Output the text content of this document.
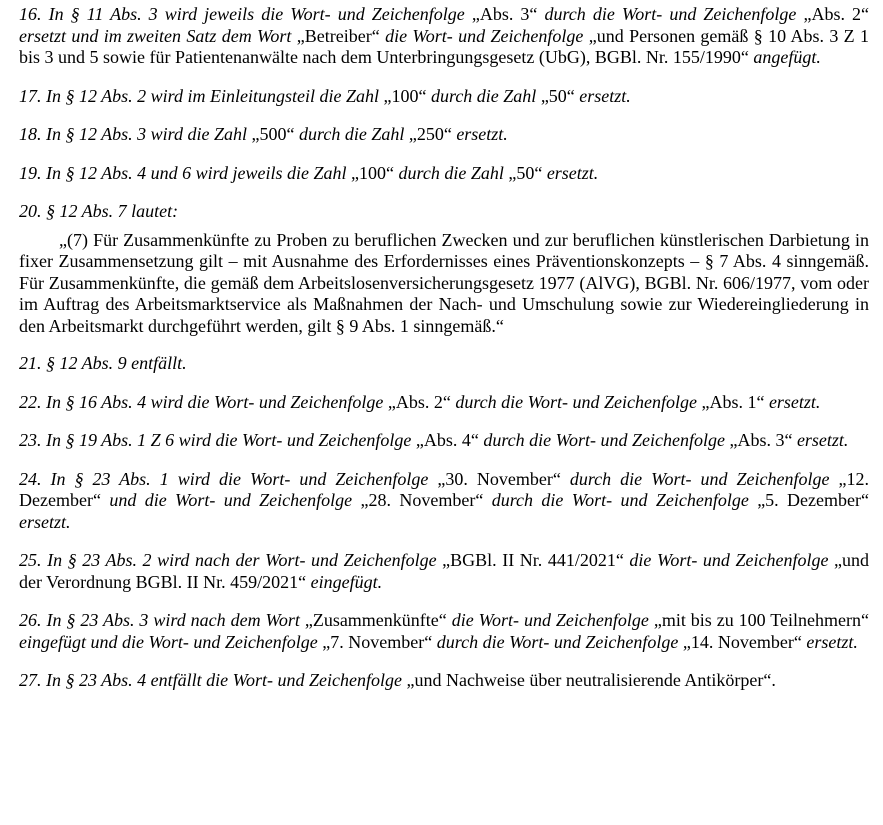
16. In § 11 Abs. 3 wird jeweils die Wort- und Zeichenfolge „Abs. 3“ durch die Wort- und Zeichenfolge „Abs. 2“ ersetzt und im zweiten Satz dem Wort „Betreiber“ die Wort- und Zeichenfolge „und Personen gemäß § 10 Abs. 3 Z 1 bis 3 und 5 sowie für Patientenanwälte nach dem Unterbringungsgesetz (UbG), BGBl. Nr. 155/1990“ angefügt.

17. In § 12 Abs. 2 wird im Einleitungsteil die Zahl „100“ durch die Zahl „50“ ersetzt.

18. In § 12 Abs. 3 wird die Zahl „500“ durch die Zahl „250“ ersetzt.

19. In § 12 Abs. 4 und 6 wird jeweils die Zahl „100“ durch die Zahl „50“ ersetzt.

20. § 12 Abs. 7 lautet:

„(7) Für Zusammenkünfte zu Proben zu beruflichen Zwecken und zur beruflichen künstlerischen Darbietung in fixer Zusammensetzung gilt – mit Ausnahme des Erfordernisses eines Präventionskonzepts – § 7 Abs. 4 sinngemäß. Für Zusammenkünfte, die gemäß dem Arbeitslosenversicherungsgesetz 1977 (AlVG), BGBl. Nr. 606/1977, vom oder im Auftrag des Arbeitsmarktservice als Maßnahmen der Nach- und Umschulung sowie zur Wiedereingliederung in den Arbeitsmarkt durchgeführt werden, gilt § 9 Abs. 1 sinngemäß.“

21. § 12 Abs. 9 entfällt.

22. In § 16 Abs. 4 wird die Wort- und Zeichenfolge „Abs. 2“ durch die Wort- und Zeichenfolge „Abs. 1“ ersetzt.

23. In § 19 Abs. 1 Z 6 wird die Wort- und Zeichenfolge „Abs. 4“ durch die Wort- und Zeichenfolge „Abs. 3“ ersetzt.

24. In § 23 Abs. 1 wird die Wort- und Zeichenfolge „30. November“ durch die Wort- und Zeichenfolge „12. Dezember“ und die Wort- und Zeichenfolge „28. November“ durch die Wort- und Zeichenfolge „5. Dezember“ ersetzt.

25. In § 23 Abs. 2 wird nach der Wort- und Zeichenfolge „BGBl. II Nr. 441/2021“ die Wort- und Zeichenfolge „und der Verordnung BGBl. II Nr. 459/2021“ eingefügt.

26. In § 23 Abs. 3 wird nach dem Wort „Zusammenkünfte“ die Wort- und Zeichenfolge „mit bis zu 100 Teilnehmern“ eingefügt und die Wort- und Zeichenfolge „7. November“ durch die Wort- und Zeichenfolge „14. November“ ersetzt.

27. In § 23 Abs. 4 entfällt die Wort- und Zeichenfolge „und Nachweise über neutralisierende Antikörper“.
